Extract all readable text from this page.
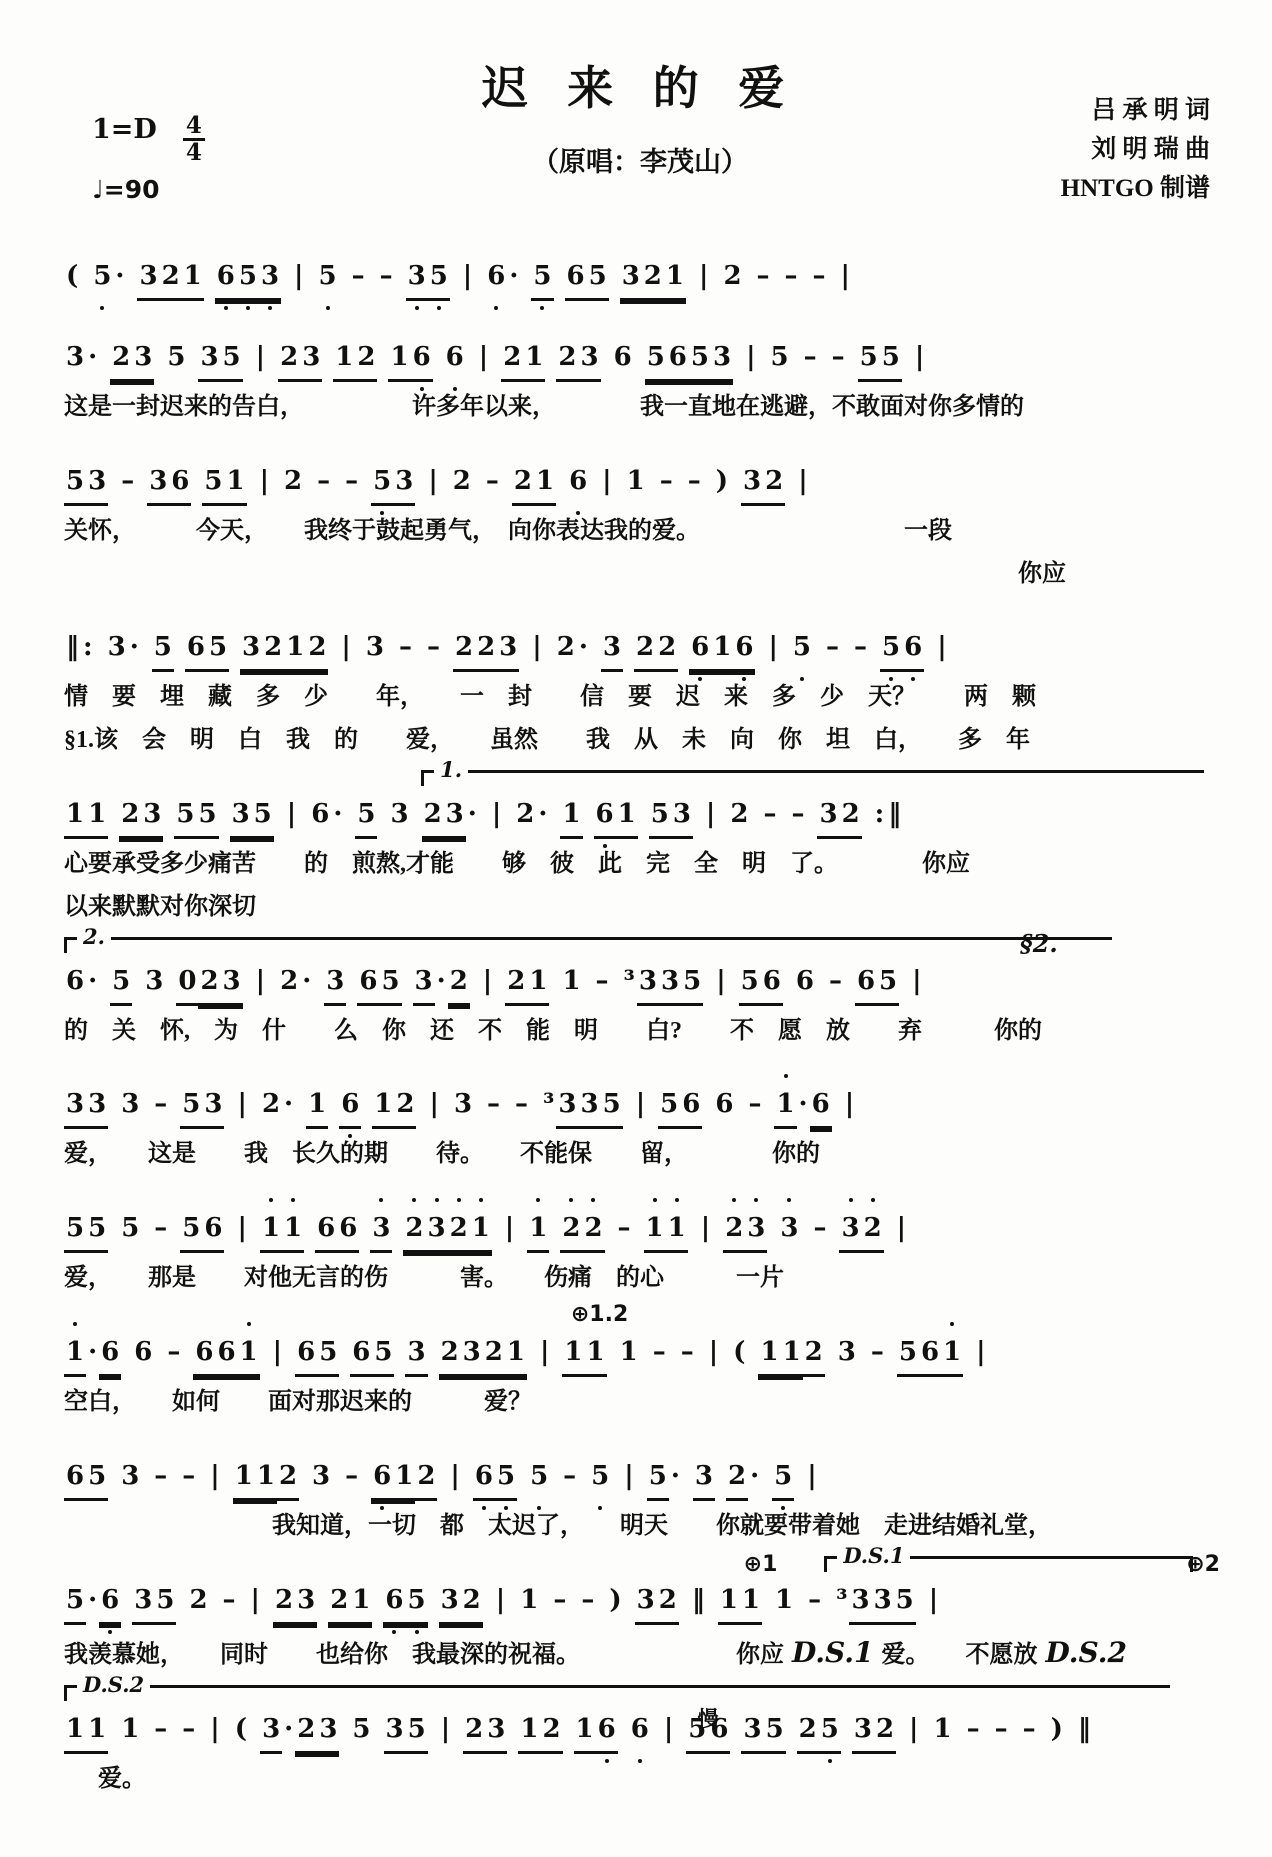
迟 来 的 爱
（原唱：李茂山）
$1=D \frac{4}{4}$
♩=90
吕 承 明 词
刘 明 瑞 曲
HNTGO 制谱
( 5 · 3 2 1 6 5 3 | 5 – – 3 5 | 6 · 5 6 5 3 2 1 | 2 – – – |
3 · 2 3 5 3 5 | 2 3 1 2 1 6 6 | 2 1 2 3 6 5 6 5 3 | 5 – – 5 5 |
这是一封迟来的告白，　　　　　许多年以来，　　　　我一直地在逃避，不敢面对你多情的
5 3 – 3 6 5 1 | 2 – – 5 3 | 2 – 2 1 6 | 1 – – ) 3 2 |
关怀，　　　今天，　　我终于鼓起勇气，　向你表达我的爱。　　　　　　　　　一段
你应
‖ : 3 · 5 6 5 3 2 1 2 | 3 – – 2 2 3 | 2 · 3 2 2 6 1 6 | 5 – – 5 6 |
情　要　埋　藏　多　少　　年，　　一　封　　信　要　迟　来　多　少　天？　　两　颗
§1.该　会　明　白　我　的　　爱，　　虽然　　我　从　未　向　你　坦　白，　　多　年
1.
1 1 2 3 5 5 3 5 | 6 · 5 3 2 3 · | 2 · 1 6 1 5 3 | 2 – – 3 2 : ‖
心要承受多少痛苦　　的　煎熬,才能　　够　彼　此　完　全　明　了。　　　　你应
以来默默对你深切
2.	§2.
6 · 5 3 0 2 3 | 2 · 3 6 5 3 · 2 | 2 1 1 – ³ 3 3 5 | 5 6 6 – 6 5 |
的　关　怀,　为　什　　么　你　还　不　能　明　　白?　　不　愿　放　　弃　　　你的
3 3 3 – 5 3 | 2 · 1 6 1 2 | 3 – – ³ 3 3 5 | 5 6 6 – 1 · 6 |
爱，　　这是　　我　长久的期　　待。　　不能保　　留，　　　　你的
5 5 5 – 5 6 | 1 1 6 6 3 2 3 2 1 | 1 2 2 – 1 1 | 2 3 3 – 3 2 |
爱，　　那是　　对他无言的伤　　　害。　　伤痛　的心　　　一片
⊕1.2
1 · 6 6 – 6 6 1 | 6 5 6 5 3 2 3 2 1 | 1 1 1 – – | ( 1 1 2 3 – 5 6 1 |
空白，　　如何　　面对那迟来的　　　爱？
6 5 3 – – | 1 1 2 3 – 6 1 2 | 6 5 5 – 5 | 5 · 3 2 · 5 |
我知道，一切　都　太迟了，　　明天　　你就要带着她　走进结婚礼堂，
⊕1	D.S.1	⊕2
5 · 6 3 5 2 – | 2 3 2 1 6 5 3 2 | 1 – – ) 3 2 ‖ 1 1 1 – ³ 3 3 5 |
我羡慕她，　　同时　　也给你　我最深的祝福。　　　　　　　你应 D.S.1 爱。　　不愿放 D.S.2
D.S.2
慢
1 1 1 – – | ( 3 · 2 3 5 3 5 | 2 3 1 2 1 6 6 | 5 6 3 5 2 5 3 2 | 1 – – – ) ‖
爱。
